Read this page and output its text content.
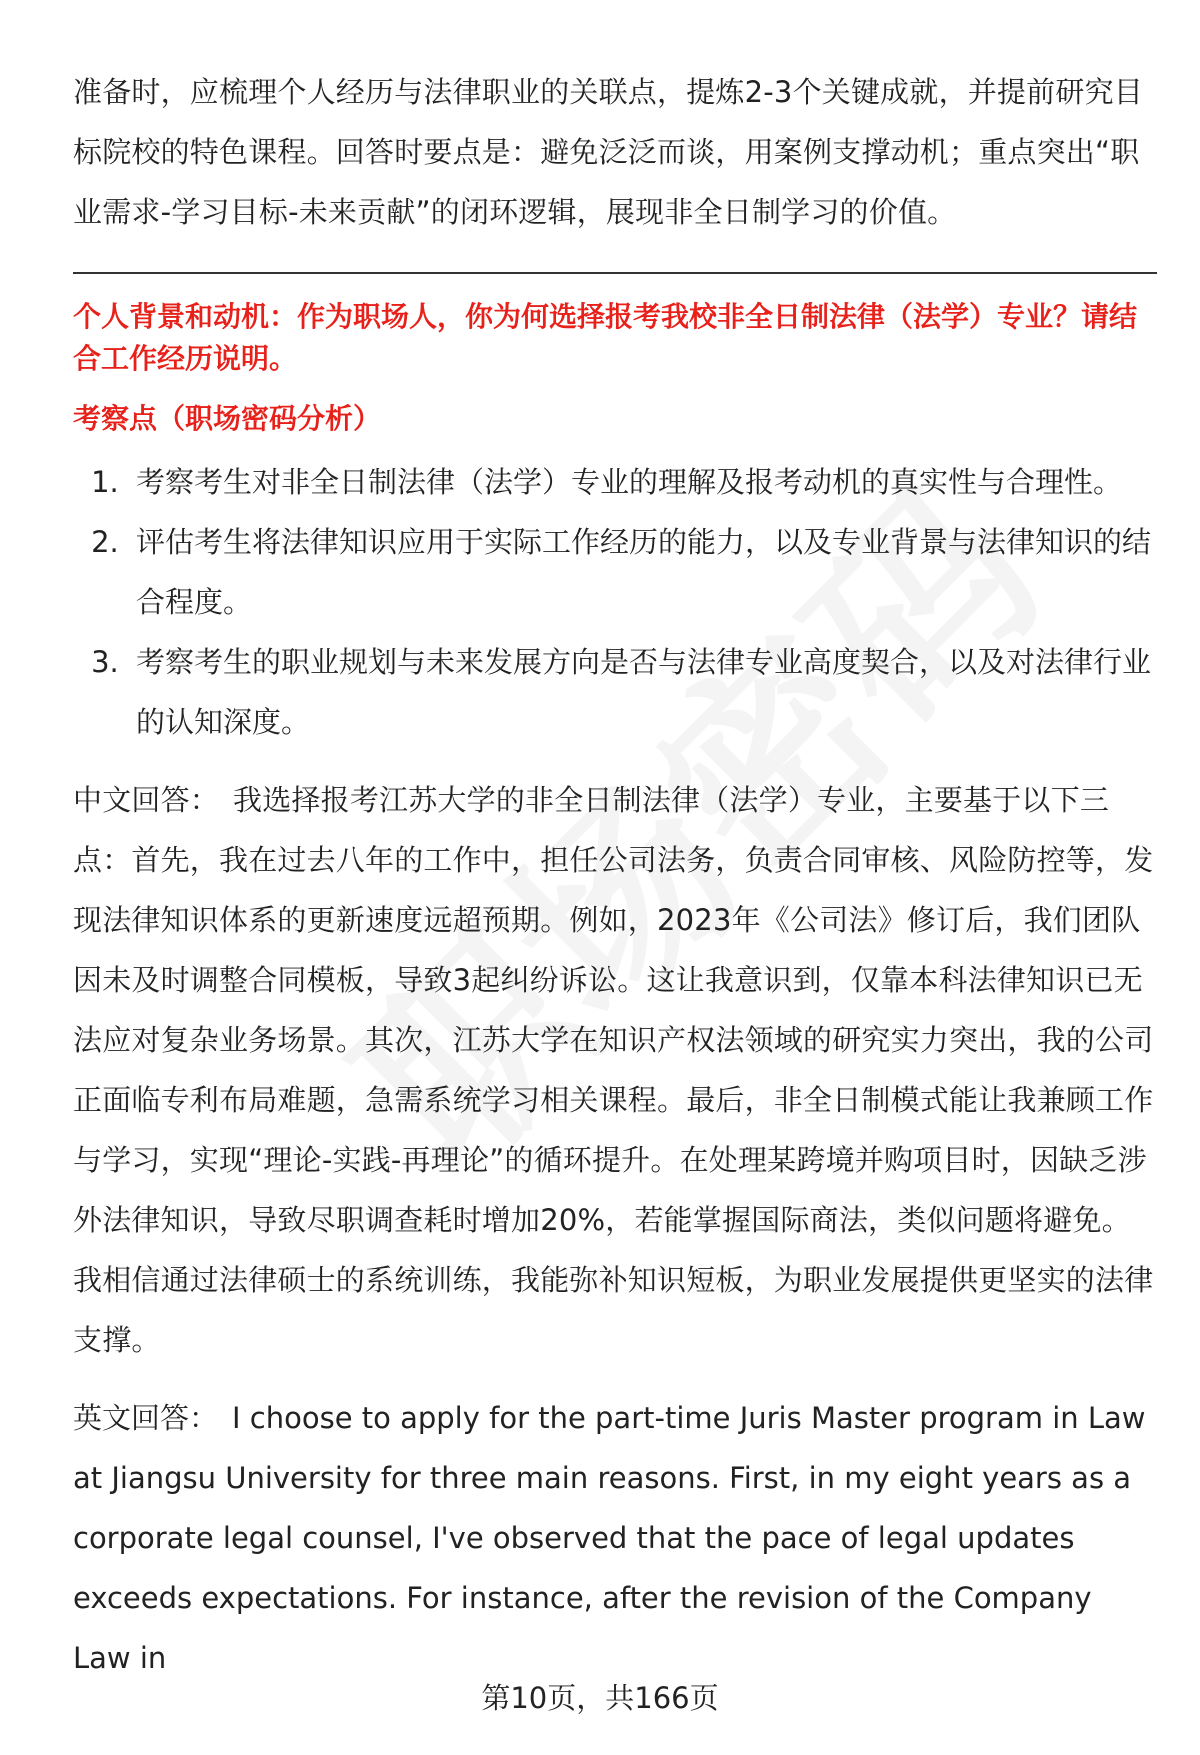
准备时，应梳理个人经历与法律职业的关联点，提炼2-3个关键成就，并提前研究目标院校的特色课程。回答时要点是：避免泛泛而谈，用案例支撑动机；重点突出“职业需求-学习目标-未来贡献”的闭环逻辑，展现非全日制学习的价值。

个人背景和动机：作为职场人，你为何选择报考我校非全日制法律（法学）专业？请结合工作经历说明。

考察点（职场密码分析）

1. 考察考生对非全日制法律（法学）专业的理解及报考动机的真实性与合理性。
2. 评估考生将法律知识应用于实际工作经历的能力，以及专业背景与法律知识的结合程度。
3. 考察考生的职业规划与未来发展方向是否与法律专业高度契合，以及对法律行业的认知深度。

中文回答： 我选择报考江苏大学的非全日制法律（法学）专业，主要基于以下三点：首先，我在过去八年的工作中，担任公司法务，负责合同审核、风险防控等，发现法律知识体系的更新速度远超预期。例如，2023年《公司法》修订后，我们团队因未及时调整合同模板，导致3起纠纷诉讼。这让我意识到，仅靠本科法律知识已无法应对复杂业务场景。其次，江苏大学在知识产权法领域的研究实力突出，我的公司正面临专利布局难题，急需系统学习相关课程。最后，非全日制模式能让我兼顾工作与学习，实现“理论-实践-再理论”的循环提升。在处理某跨境并购项目时，因缺乏涉外法律知识，导致尽职调查耗时增加20%，若能掌握国际商法，类似问题将避免。我相信通过法律硕士的系统训练，我能弥补知识短板，为职业发展提供更坚实的法律支撑。

英文回答： I choose to apply for the part-time Juris Master program in Law at Jiangsu University for three main reasons. First, in my eight years as a corporate legal counsel, I've observed that the pace of legal updates exceeds expectations. For instance, after the revision of the Company Law in

第10页，共166页
